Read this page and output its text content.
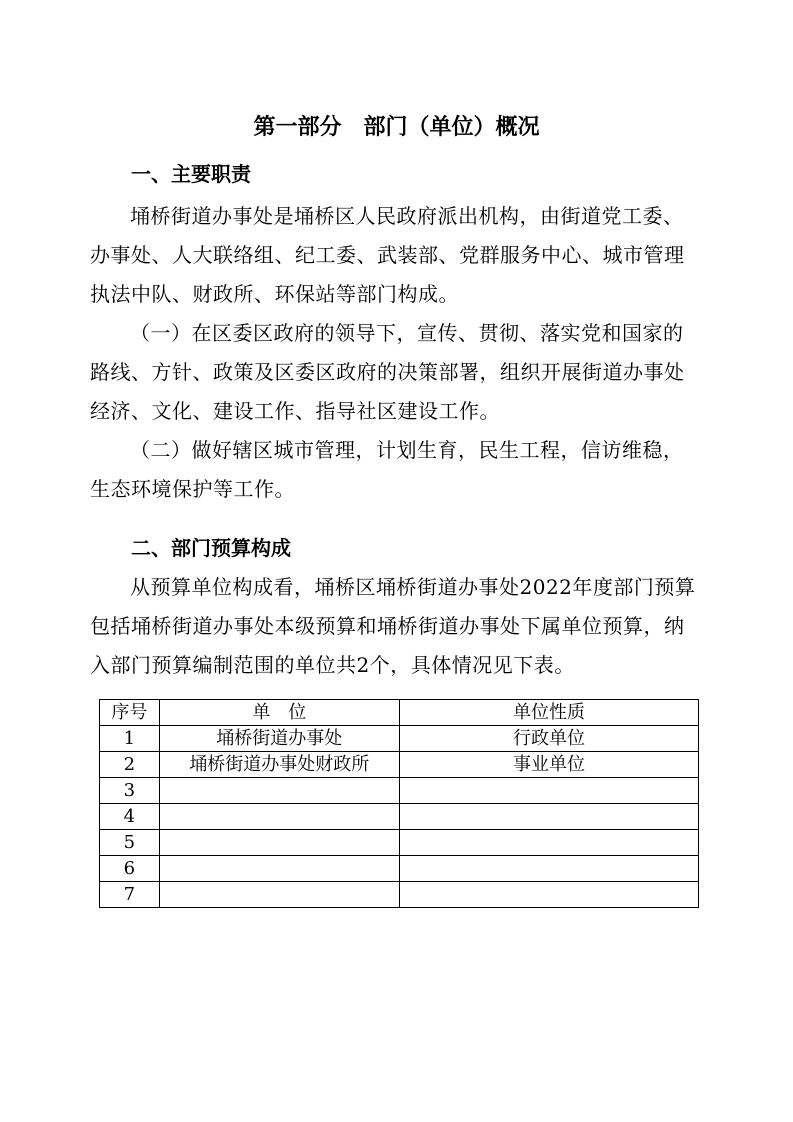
第一部分　部门（单位）概况
一、主要职责

埇桥街道办事处是埇桥区人民政府派出机构，由街道党工委、办事处、人大联络组、纪工委、武装部、党群服务中心、城市管理执法中队、财政所、环保站等部门构成。

（一）在区委区政府的领导下，宣传、贯彻、落实党和国家的路线、方针、政策及区委区政府的决策部署，组织开展街道办事处经济、文化、建设工作、指导社区建设工作。

（二）做好辖区城市管理，计划生育，民生工程，信访维稳，生态环境保护等工作。

二、部门预算构成

从预算单位构成看，埇桥区埇桥街道办事处2022年度部门预算包括埇桥街道办事处本级预算和埇桥街道办事处下属单位预算，纳入部门预算编制范围的单位共2个，具体情况见下表。

序号	单　位	单位性质
1	埇桥街道办事处	行政单位
2	埇桥街道办事处财政所	事业单位
3		
4		
5		
6		
7		
